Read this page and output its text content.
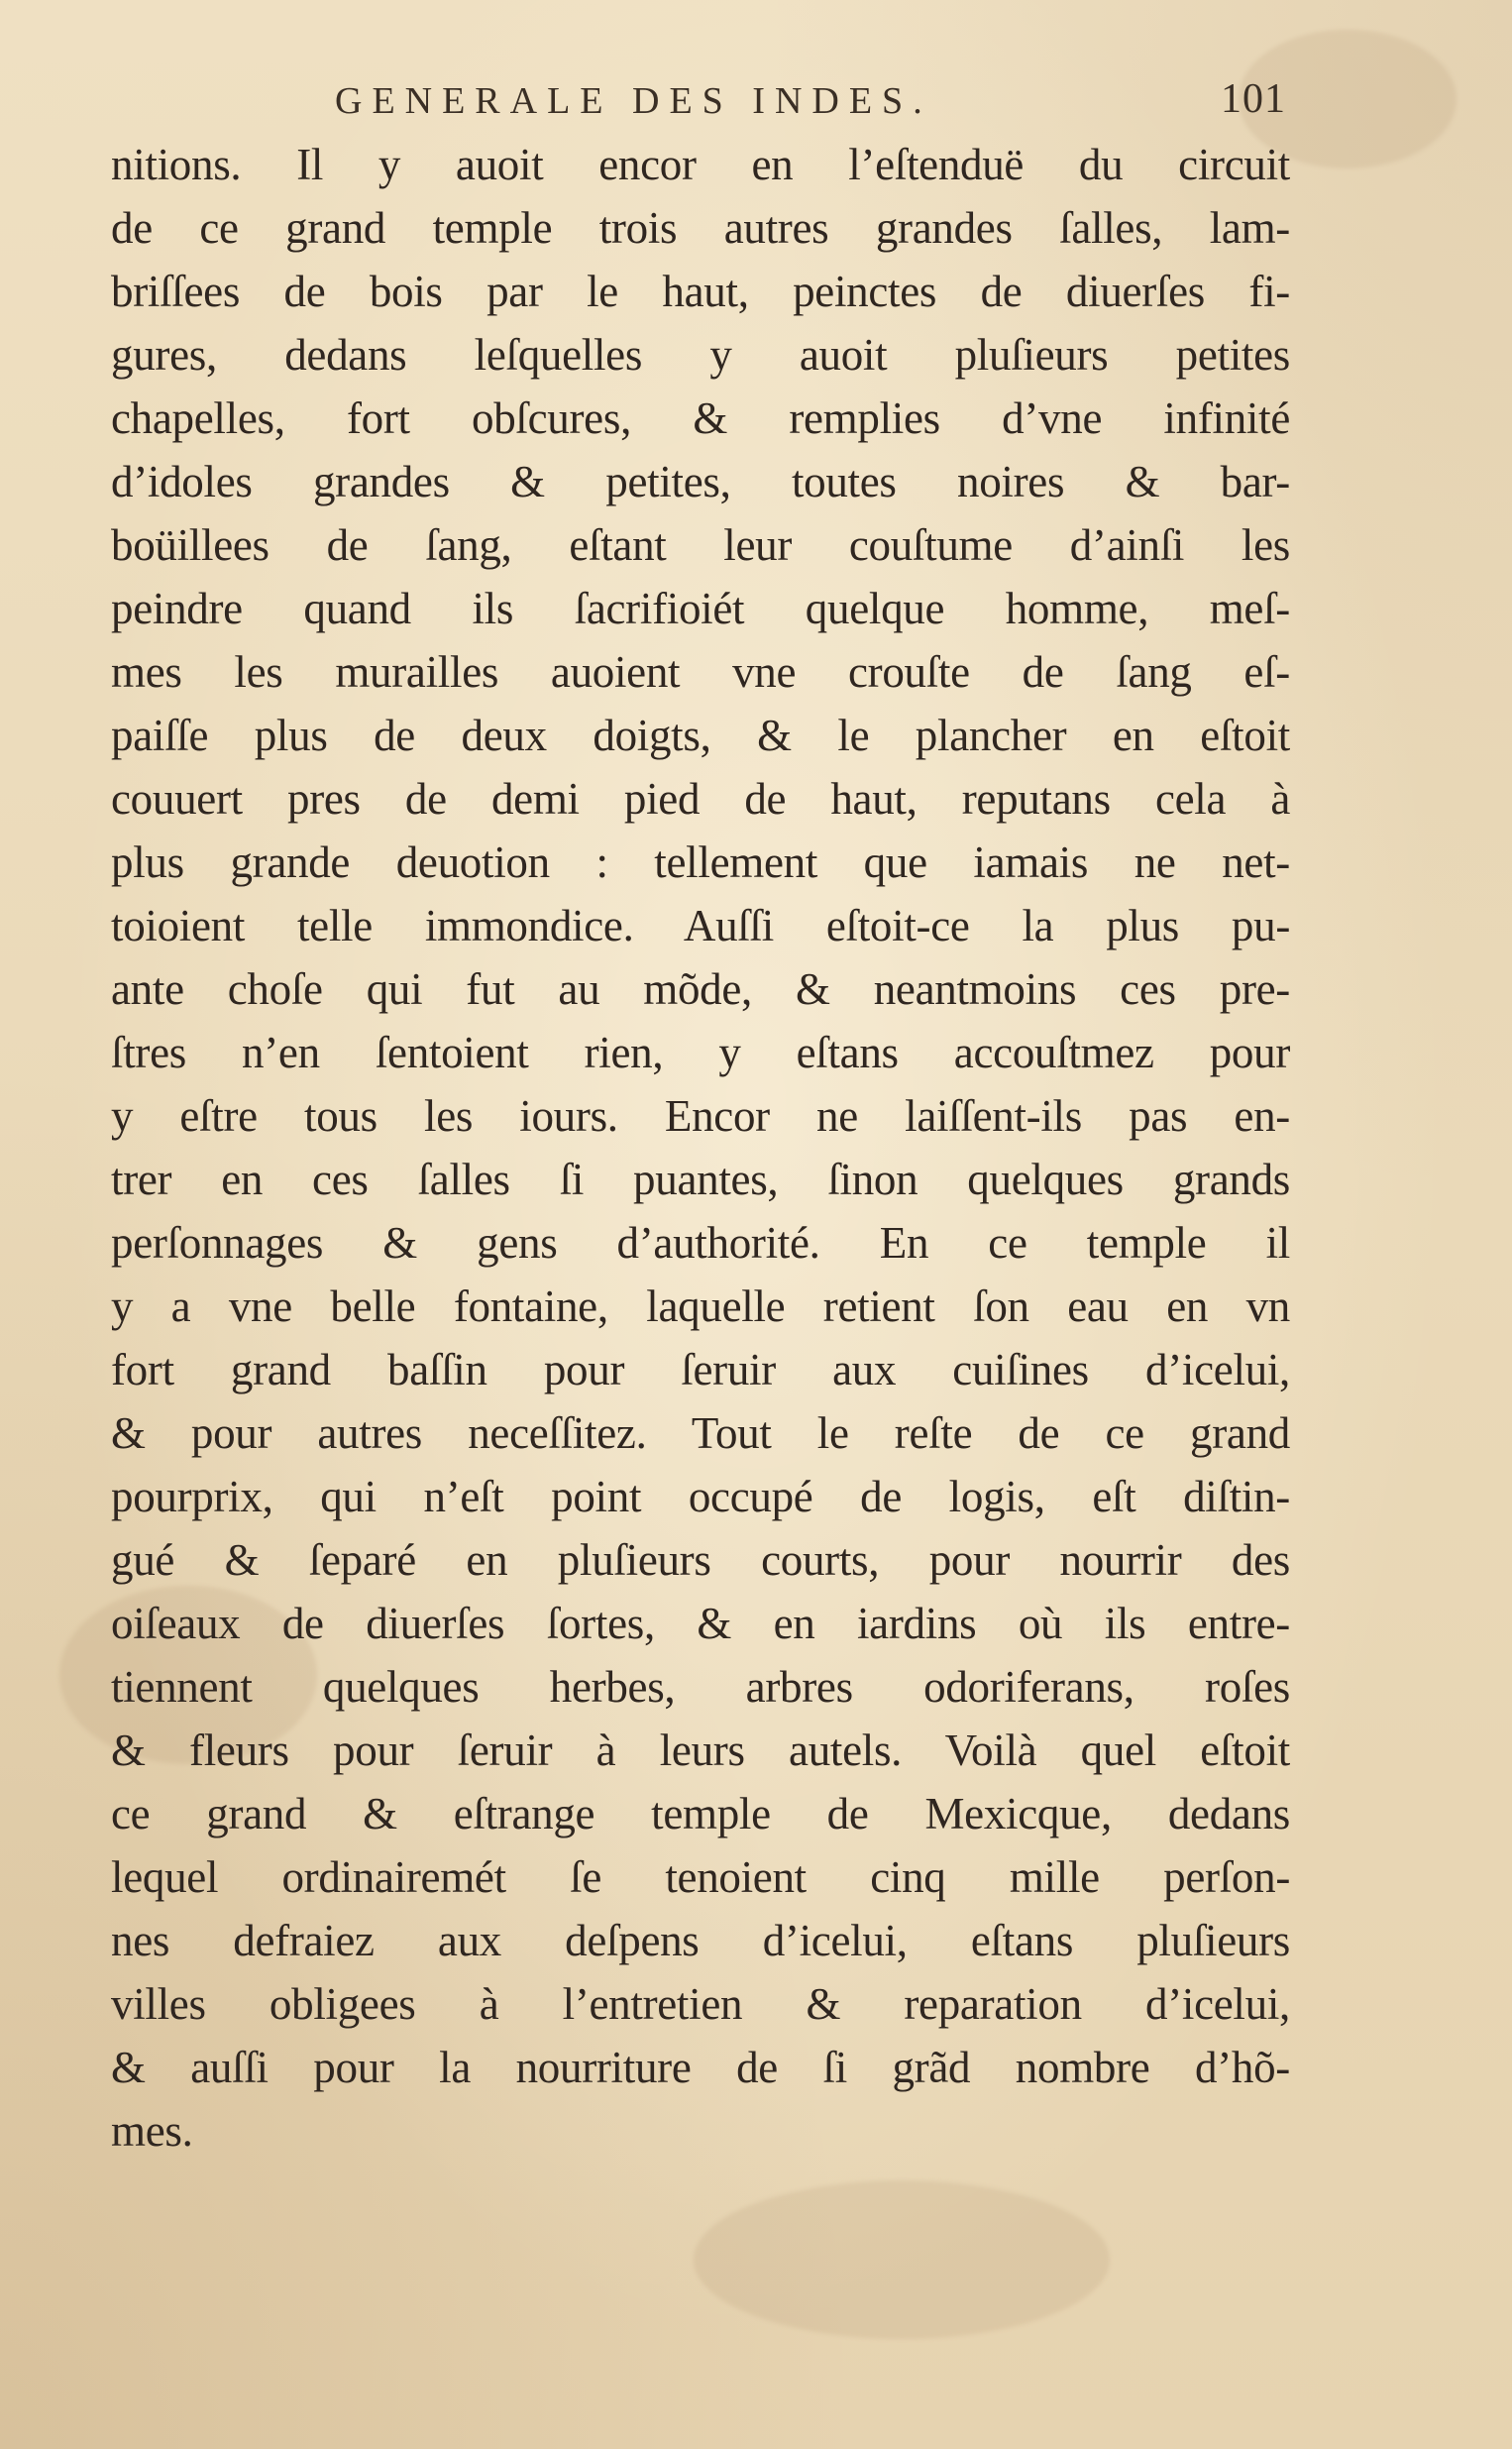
GENERALE DES INDES.	101
nitions. Il y auoit encor en l’eſtenduë du circuit
de ce grand temple trois autres grandes ſalles, lam-
briſſees de bois par le haut, peinctes de diuerſes fi-
gures, dedans leſquelles y auoit pluſieurs petites
chapelles, fort obſcures, & remplies d’vne infinité
d’idoles grandes & petites, toutes noires & bar-
boüillees de ſang, eſtant leur couſtume d’ainſi les
peindre quand ils ſacrifioiét quelque homme, meſ-
mes les murailles auoient vne crouſte de ſang eſ-
paiſſe plus de deux doigts, & le plancher en eſtoit
couuert pres de demi pied de haut, reputans cela à
plus grande deuotion : tellement que iamais ne net-
toioient telle immondice. Auſſi eſtoit-ce la plus pu-
ante choſe qui fut au mõde, & neantmoins ces pre-
ſtres n’en ſentoient rien, y eſtans accouſtmez pour
y eſtre tous les iours. Encor ne laiſſent-ils pas en-
trer en ces ſalles ſi puantes, ſinon quelques grands
perſonnages & gens d’authorité. En ce temple il
y a vne belle fontaine, laquelle retient ſon eau en vn
fort grand baſſin pour ſeruir aux cuiſines d’icelui,
& pour autres neceſſitez. Tout le reſte de ce grand
pourprix, qui n’eſt point occupé de logis, eſt diſtin-
gué & ſeparé en pluſieurs courts, pour nourrir des
oiſeaux de diuerſes ſortes, & en iardins où ils entre-
tiennent quelques herbes, arbres odoriferans, roſes
& fleurs pour ſeruir à leurs autels. Voilà quel eſtoit
ce grand & eſtrange temple de Mexicque, dedans
lequel ordinairemét ſe tenoient cinq mille perſon-
nes defraiez aux deſpens d’icelui, eſtans pluſieurs
villes obligees à l’entretien & reparation d’icelui,
& auſſi pour la nourriture de ſi grãd nombre d’hõ-
mes.
